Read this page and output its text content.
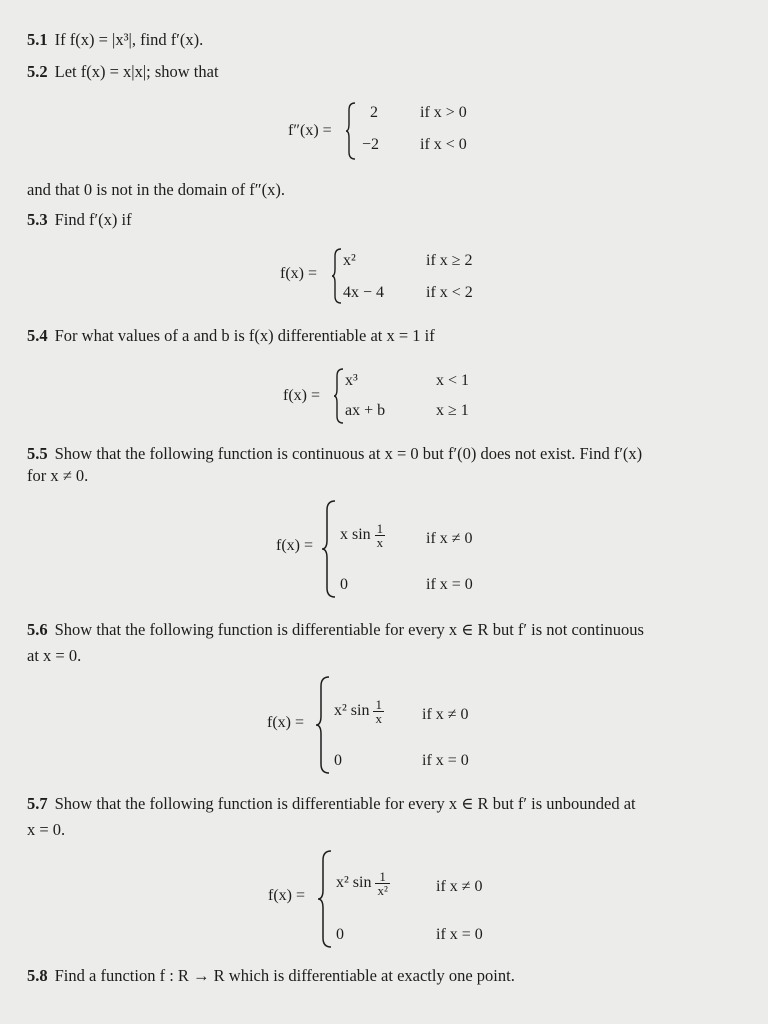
5.1 If f(x) = |x³|, find f′(x).
5.2 Let f(x) = x|x|; show that
f″(x) =
2	if x > 0
−2	if x < 0
and that 0 is not in the domain of f″(x).
5.3 Find f′(x) if
f(x) =
x²	if x ≥ 2
4x − 4	if x < 2
5.4 For what values of a and b is f(x) differentiable at x = 1 if
f(x) =
x³	x < 1
ax + b	x ≥ 1
5.5 Show that the following function is continuous at x = 0 but f′(0) does not exist. Find f′(x)
for x ≠ 0.
f(x) =
x $\sin \frac{1}{x}$	if x ≠ 0
0	if x = 0
5.6 Show that the following function is differentiable for every x ∈ R but f′ is not continuous
at x = 0.
f(x) =
x² $\sin \frac{1}{x}$ if x ≠ 0
0	if x = 0
5.7 Show that the following function is differentiable for every x ∈ R but f′ is unbounded at
x = 0.
f(x) =
x² $\sin \frac{1}{\text{x²}}$	if x ≠ 0
0	if x = 0
5.8 Find a function f : R → R which is differentiable at exactly one point.
